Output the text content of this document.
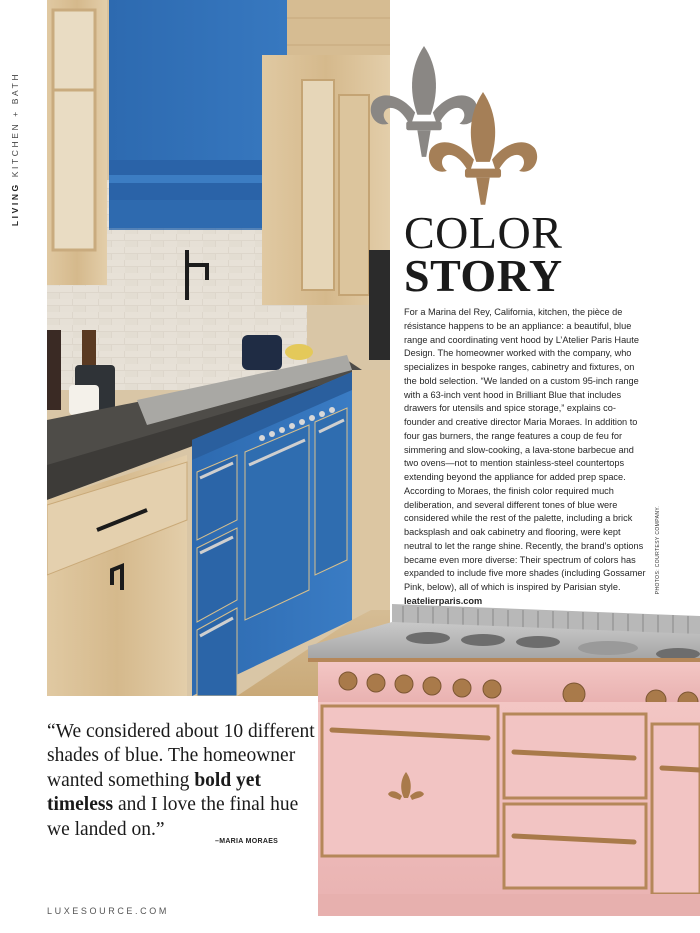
LIVING KITCHEN + BATH
COLOR
STORY

For a Marina del Rey, California, kitchen, the pièce de résistance happens to be an appliance: a beautiful, blue range and coordinating vent hood by L’Atelier Paris Haute Design. The homeowner worked with the company, who specializes in bespoke ranges, cabinetry and fixtures, on the bold selection. “We landed on a custom 95-inch range with a 63-inch vent hood in Brilliant Blue that includes drawers for utensils and spice storage,” explains co-founder and creative director Maria Moraes. In addition to four gas burners, the range features a coup de feu for simmering and slow-cooking, a lava-stone barbecue and two ovens—not to mention stainless-steel countertops extending beyond the appliance for added prep space. According to Moraes, the finish color required much deliberation, and several different tones of blue were considered while the rest of the palette, including a brick backsplash and oak cabinetry and flooring, were kept neutral to let the range shine. Recently, the brand’s options became even more diverse: Their spectrum of colors has expanded to include five more shades (including Gossamer Pink, below), all of which is inspired by Parisian style. leatelierparis.com

PHOTOS: COURTESY COMPANY.
“We considered about 10 different shades of blue. The homeowner wanted something bold yet timeless and I love the final hue we landed on.”
–MARIA MORAES
LUXESOURCE.COM
